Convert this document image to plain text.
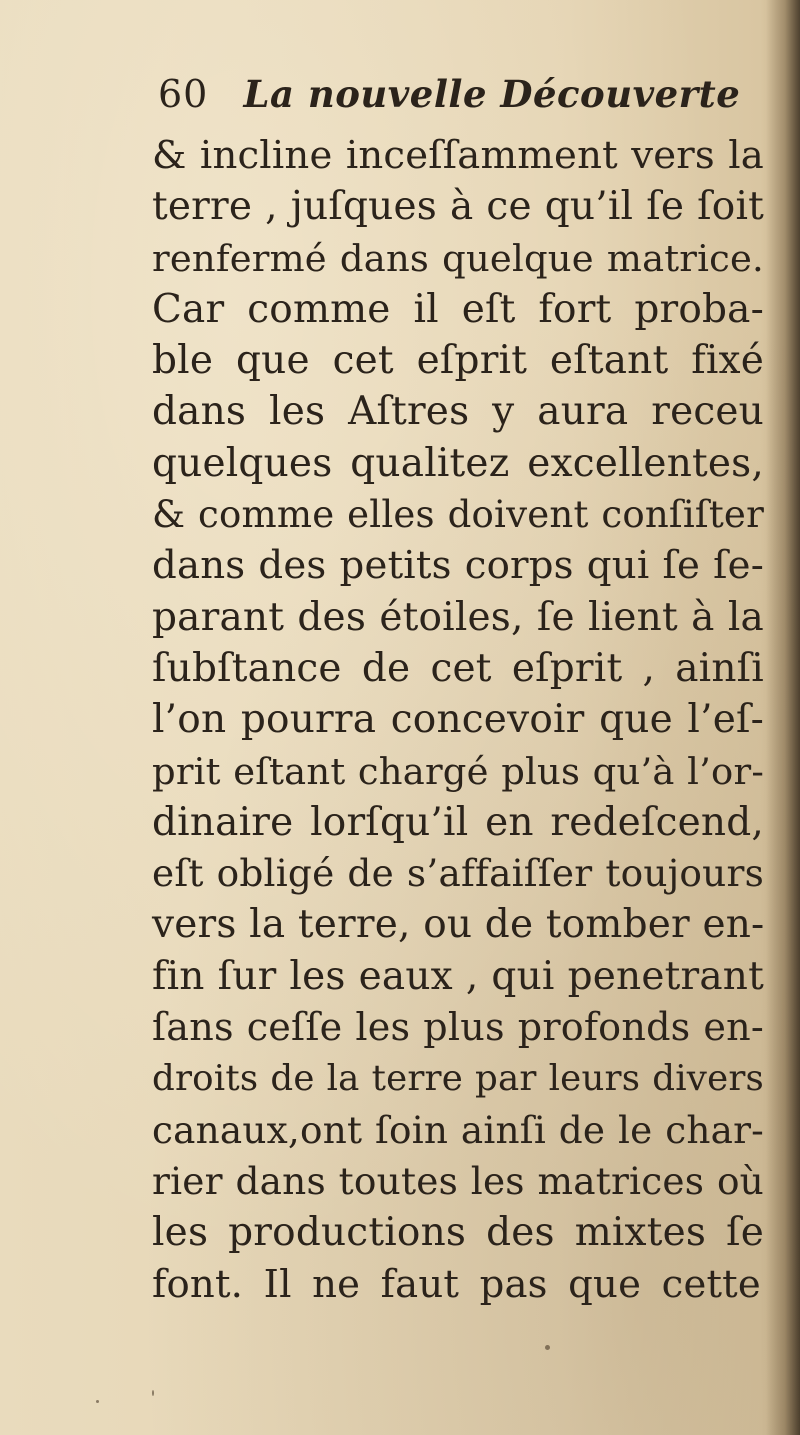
60 La nouvelle Découverte
& incline inceſſamment vers la
terre , juſques à ce qu’il ſe ſoit
renfermé dans quelque matrice.
Car comme il eſt fort proba-
ble que cet eſprit eſtant fixé
dans les Aſtres y aura receu
quelques qualitez excellentes,
& comme elles doivent conſiſter
dans des petits corps qui ſe ſe-
parant des étoiles, ſe lient à la
ſubſtance de cet eſprit , ainſi
l’on pourra concevoir que l’eſ-
prit eſtant chargé plus qu’à l’or-
dinaire lorſqu’il en redeſcend,
eſt obligé de s’affaiſſer toujours
vers la terre, ou de tomber en-
fin ſur les eaux , qui penetrant
ſans ceſſe les plus profonds en-
droits de la terre par leurs divers
canaux,ont ſoin ainſi de le char-
rier dans toutes les matrices où
les productions des mixtes ſe
font. Il ne faut pas que cette
